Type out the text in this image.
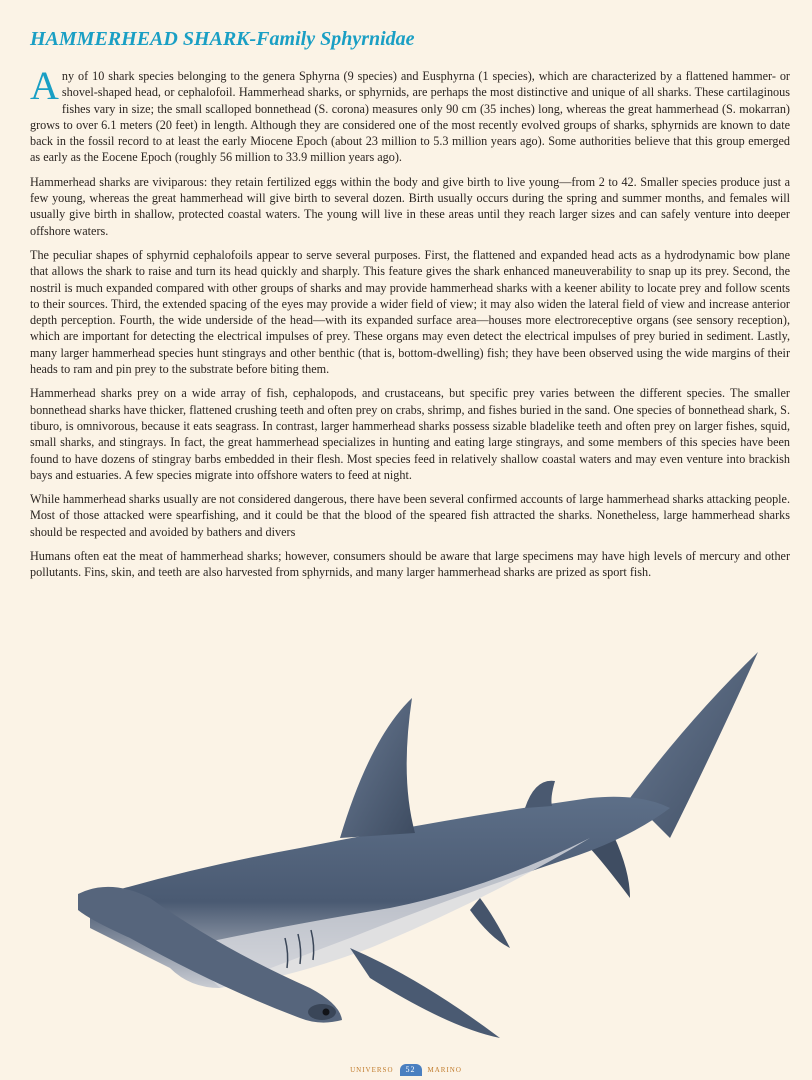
HAMMERHEAD SHARK-Family Sphyrnidae

Any of 10 shark species belonging to the genera Sphyrna (9 species) and Eusphyrna (1 species), which are characterized by a flattened hammer- or shovel-shaped head, or cephalofoil. Hammerhead sharks, or sphyrnids, are perhaps the most distinctive and unique of all sharks. These cartilaginous fishes vary in size; the small scalloped bonnethead (S. corona) measures only 90 cm (35 inches) long, whereas the great hammerhead (S. mokarran) grows to over 6.1 meters (20 feet) in length. Although they are considered one of the most recently evolved groups of sharks, sphyrnids are known to date back in the fossil record to at least the early Miocene Epoch (about 23 million to 5.3 million years ago). Some authorities believe that this group emerged as early as the Eocene Epoch (roughly 56 million to 33.9 million years ago).

Hammerhead sharks are viviparous: they retain fertilized eggs within the body and give birth to live young—from 2 to 42. Smaller species produce just a few young, whereas the great hammerhead will give birth to several dozen. Birth usually occurs during the spring and summer months, and females will usually give birth in shallow, protected coastal waters. The young will live in these areas until they reach larger sizes and can safely venture into deeper offshore waters.

The peculiar shapes of sphyrnid cephalofoils appear to serve several purposes. First, the flattened and expanded head acts as a hydrodynamic bow plane that allows the shark to raise and turn its head quickly and sharply. This feature gives the shark enhanced maneuverability to snap up its prey. Second, the nostril is much expanded compared with other groups of sharks and may provide hammerhead sharks with a keener ability to locate prey and follow scents to their sources. Third, the extended spacing of the eyes may provide a wider field of view; it may also widen the lateral field of view and increase anterior depth perception. Fourth, the wide underside of the head—with its expanded surface area—houses more electroreceptive organs (see sensory reception), which are important for detecting the electrical impulses of prey. These organs may even detect the electrical impulses of prey buried in sediment. Lastly, many larger hammerhead species hunt stingrays and other benthic (that is, bottom-dwelling) fish; they have been observed using the wide margins of their heads to ram and pin prey to the substrate before biting them.

Hammerhead sharks prey on a wide array of fish, cephalopods, and crustaceans, but specific prey varies between the different species. The smaller bonnethead sharks have thicker, flattened crushing teeth and often prey on crabs, shrimp, and fishes buried in the sand. One species of bonnethead shark, S. tiburo, is omnivorous, because it eats seagrass. In contrast, larger hammerhead sharks possess sizable bladelike teeth and often prey on larger fishes, squid, small sharks, and stingrays. In fact, the great hammerhead specializes in hunting and eating large stingrays, and some members of this species have been found to have dozens of stingray barbs embedded in their flesh. Most species feed in relatively shallow coastal waters and may even venture into brackish bays and estuaries. A few species migrate into offshore waters to feed at night.

While hammerhead sharks usually are not considered dangerous, there have been several confirmed accounts of large hammerhead sharks attacking people. Most of those attacked were spearfishing, and it could be that the blood of the speared fish attracted the sharks. Nonetheless, large hammerhead sharks should be respected and avoided by bathers and divers

Humans often eat the meat of hammerhead sharks; however, consumers should be aware that large specimens may have high levels of mercury and other pollutants. Fins, skin, and teeth are also harvested from sphyrnids, and many larger hammerhead sharks are prized as sport fish.

UNIVERSO	52	MARINO
